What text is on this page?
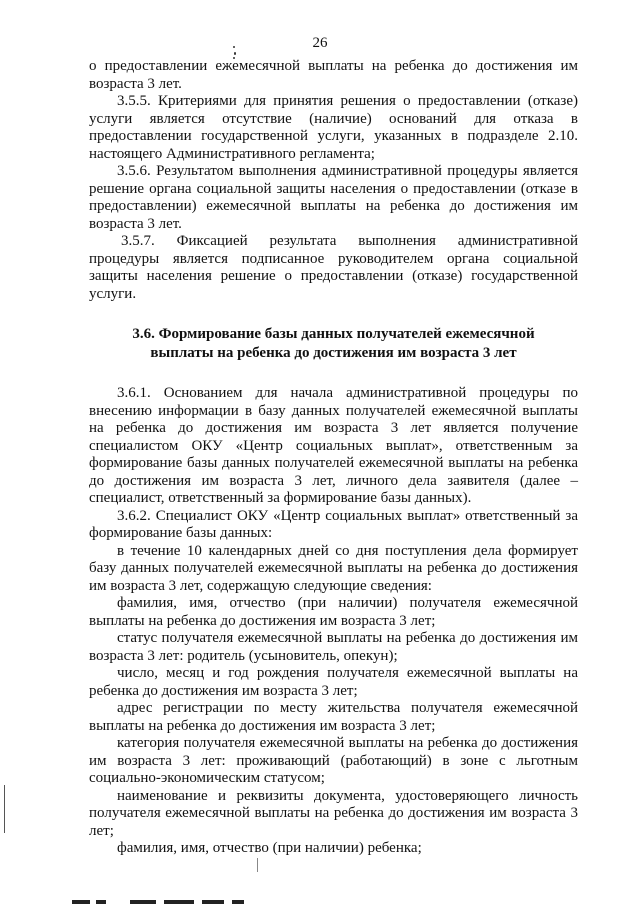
26

о предоставлении ежемесячной выплаты на ребенка до достижения им возраста 3 лет.

3.5.5. Критериями для принятия решения о предоставлении (отказе) услуги является отсутствие (наличие) оснований для отказа в предоставлении государственной услуги, указанных в подразделе 2.10. настоящего Административного регламента;

3.5.6. Результатом выполнения административной процедуры является решение органа социальной защиты населения о предоставлении (отказе в предоставлении) ежемесячной выплаты на ребенка до достижения им возраста 3 лет.

3.5.7. Фиксацией результата выполнения административной процедуры является подписанное руководителем органа социальной защиты населения решение о предоставлении (отказе) государственной услуги.

3.6. Формирование базы данных получателей ежемесячной выплаты на ребенка до достижения им возраста 3 лет

3.6.1. Основанием для начала административной процедуры по внесению информации в базу данных получателей ежемесячной выплаты на ребенка до достижения им возраста 3 лет является получение специалистом ОКУ «Центр социальных выплат», ответственным за формирование базы данных получателей ежемесячной выплаты на ребенка до достижения им возраста 3 лет, личного дела заявителя (далее – специалист, ответственный за формирование базы данных).

3.6.2. Специалист ОКУ «Центр социальных выплат» ответственный за формирование базы данных:

в течение 10 календарных дней со дня поступления дела формирует базу данных получателей ежемесячной выплаты на ребенка до достижения им возраста 3 лет, содержащую следующие сведения:

фамилия, имя, отчество (при наличии) получателя ежемесячной выплаты на ребенка до достижения им возраста 3 лет;

статус получателя ежемесячной выплаты на ребенка до достижения им возраста 3 лет: родитель (усыновитель, опекун);

число, месяц и год рождения получателя ежемесячной выплаты на ребенка до достижения им возраста 3 лет;

адрес регистрации по месту жительства получателя ежемесячной выплаты на ребенка до достижения им возраста 3 лет;

категория получателя ежемесячной выплаты на ребенка до достижения им возраста 3 лет: проживающий (работающий) в зоне с льготным социально-экономическим статусом;

наименование и реквизиты документа, удостоверяющего личность получателя ежемесячной выплаты на ребенка до достижения им возраста 3 лет;

фамилия, имя, отчество (при наличии) ребенка;
